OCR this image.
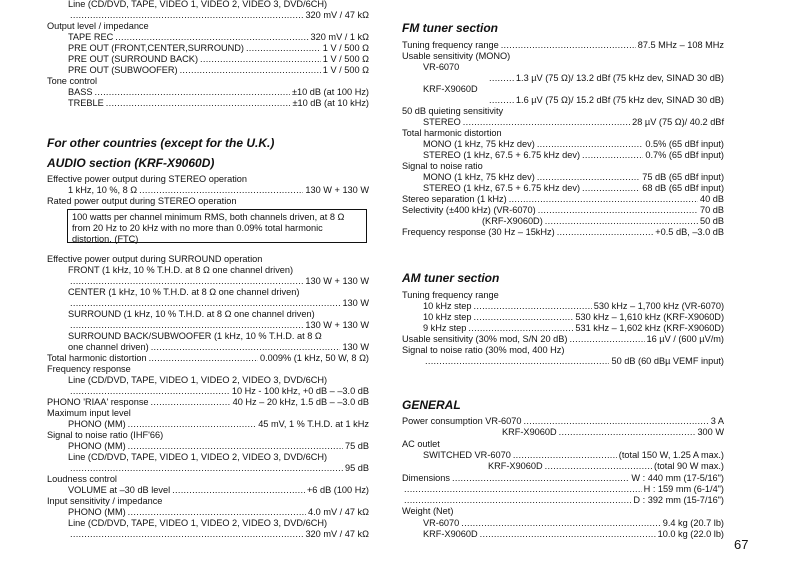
Line (CD/DVD, TAPE, VIDEO 1, VIDEO 2, VIDEO 3, DVD/6CH)
.....
320 mV / 47 kΩ
Output level / impedance
TAPE REC .....	320 mV / 1 kΩ
PRE OUT (FRONT,CENTER,SURROUND) .....	1 V / 500 Ω
PRE OUT (SURROUND BACK) .....	1 V / 500 Ω
PRE OUT (SUBWOOFER) .....	1 V / 500 Ω
Tone control
BASS .....	±10 dB (at 100 Hz)
TREBLE .....	±10 dB (at 10 kHz)
For other countries (except for the U.K.)
AUDIO section (KRF-X9060D)
Effective power output during STEREO operation
1 kHz, 10 %, 8 Ω .....	130 W + 130 W
Rated power output during STEREO operation
100 watts per channel minimum RMS, both channels driven, at 8 Ω from 20 Hz to 20 kHz with no more than 0.09% total harmonic distortion. (FTC)
Effective power output during SURROUND operation
FRONT (1 kHz, 10 % T.H.D. at 8 Ω one channel driven)
.....
130 W + 130 W
CENTER (1 kHz, 10 % T.H.D. at 8 Ω one channel driven)
.....
130 W
SURROUND (1 kHz, 10 % T.H.D. at 8 Ω one channel driven)
.....
130 W + 130 W
SURROUND BACK/SUBWOOFER (1 kHz, 10 % T.H.D. at 8 Ω
one channel driven) .....	130 W
Total harmonic distortion .....	0.009% (1 kHz, 50 W, 8 Ω)
Frequency response
Line (CD/DVD, TAPE, VIDEO 1, VIDEO 2, VIDEO 3, DVD/6CH)
.....
10 Hz - 100 kHz, +0 dB – –3.0 dB
PHONO 'RIAA' response .....	40 Hz – 20 kHz, 1.5 dB – –3.0 dB
Maximum input level
PHONO (MM) .....	45 mV, 1 % T.H.D. at 1 kHz
Signal to noise ratio (IHF'66)
PHONO (MM) .....	75 dB
Line (CD/DVD, TAPE, VIDEO 1, VIDEO 2, VIDEO 3, DVD/6CH)
.....
95 dB
Loudness control
VOLUME at –30 dB level .....	+6 dB (100 Hz)
Input sensitivity / impedance
PHONO (MM) .....	4.0 mV / 47 kΩ
Line (CD/DVD, TAPE, VIDEO 1, VIDEO 2, VIDEO 3, DVD/6CH)
.....
320 mV / 47 kΩ
FM tuner section
Tuning frequency range .....	87.5 MHz – 108 MHz
Usable sensitivity (MONO)
VR-6070
.....
1.3 µV (75 Ω)/ 13.2 dBf (75 kHz dev, SINAD 30 dB)
KRF-X9060D
.....
1.6 µV (75 Ω)/ 15.2 dBf (75 kHz dev, SINAD 30 dB)
50 dB quieting sensitivity
STEREO .....	28 µV (75 Ω)/ 40.2 dBf
Total harmonic distortion
MONO (1 kHz, 75 kHz dev) .....	0.5% (65 dBf input)
STEREO (1 kHz, 67.5 + 6.75 kHz dev) .....	0.7% (65 dBf input)
Signal to noise ratio
MONO (1 kHz, 75 kHz dev) .....	75 dB (65 dBf input)
STEREO (1 kHz, 67.5 + 6.75 kHz dev) .....	68 dB (65 dBf input)
Stereo separation (1 kHz) .....	40 dB
Selectivity (±400 kHz) (VR-6070) .....	70 dB
(KRF-X9060D) .....	50 dB
Frequency response (30 Hz – 15kHz) .....	+0.5 dB, –3.0 dB
AM tuner section
Tuning frequency range
10 kHz step .....	530 kHz – 1,700 kHz (VR-6070)
10 kHz step .....	530 kHz – 1,610 kHz (KRF-X9060D)
9 kHz step .....	531 kHz – 1,602 kHz (KRF-X9060D)
Usable sensitivity (30% mod, S/N 20 dB) .....	16 µV / (600 µV/m)
Signal to noise ratio (30% mod, 400 Hz)
.....
50 dB (60 dBµ VEMF input)
GENERAL
Power consumption VR-6070 .....	3 A
KRF-X9060D .....	300 W
AC outlet
SWITCHED VR-6070 .....	(total 150 W, 1.25 A max.)
KRF-X9060D .....	(total 90 W max.)
Dimensions .....	W : 440 mm (17-5/16")
.....
H : 159 mm (6-1/4")
.....
D : 392 mm (15-7/16")
Weight (Net)
VR-6070 .....	9.4 kg (20.7 lb)
KRF-X9060D .....	10.0 kg (22.0 lb)
67
